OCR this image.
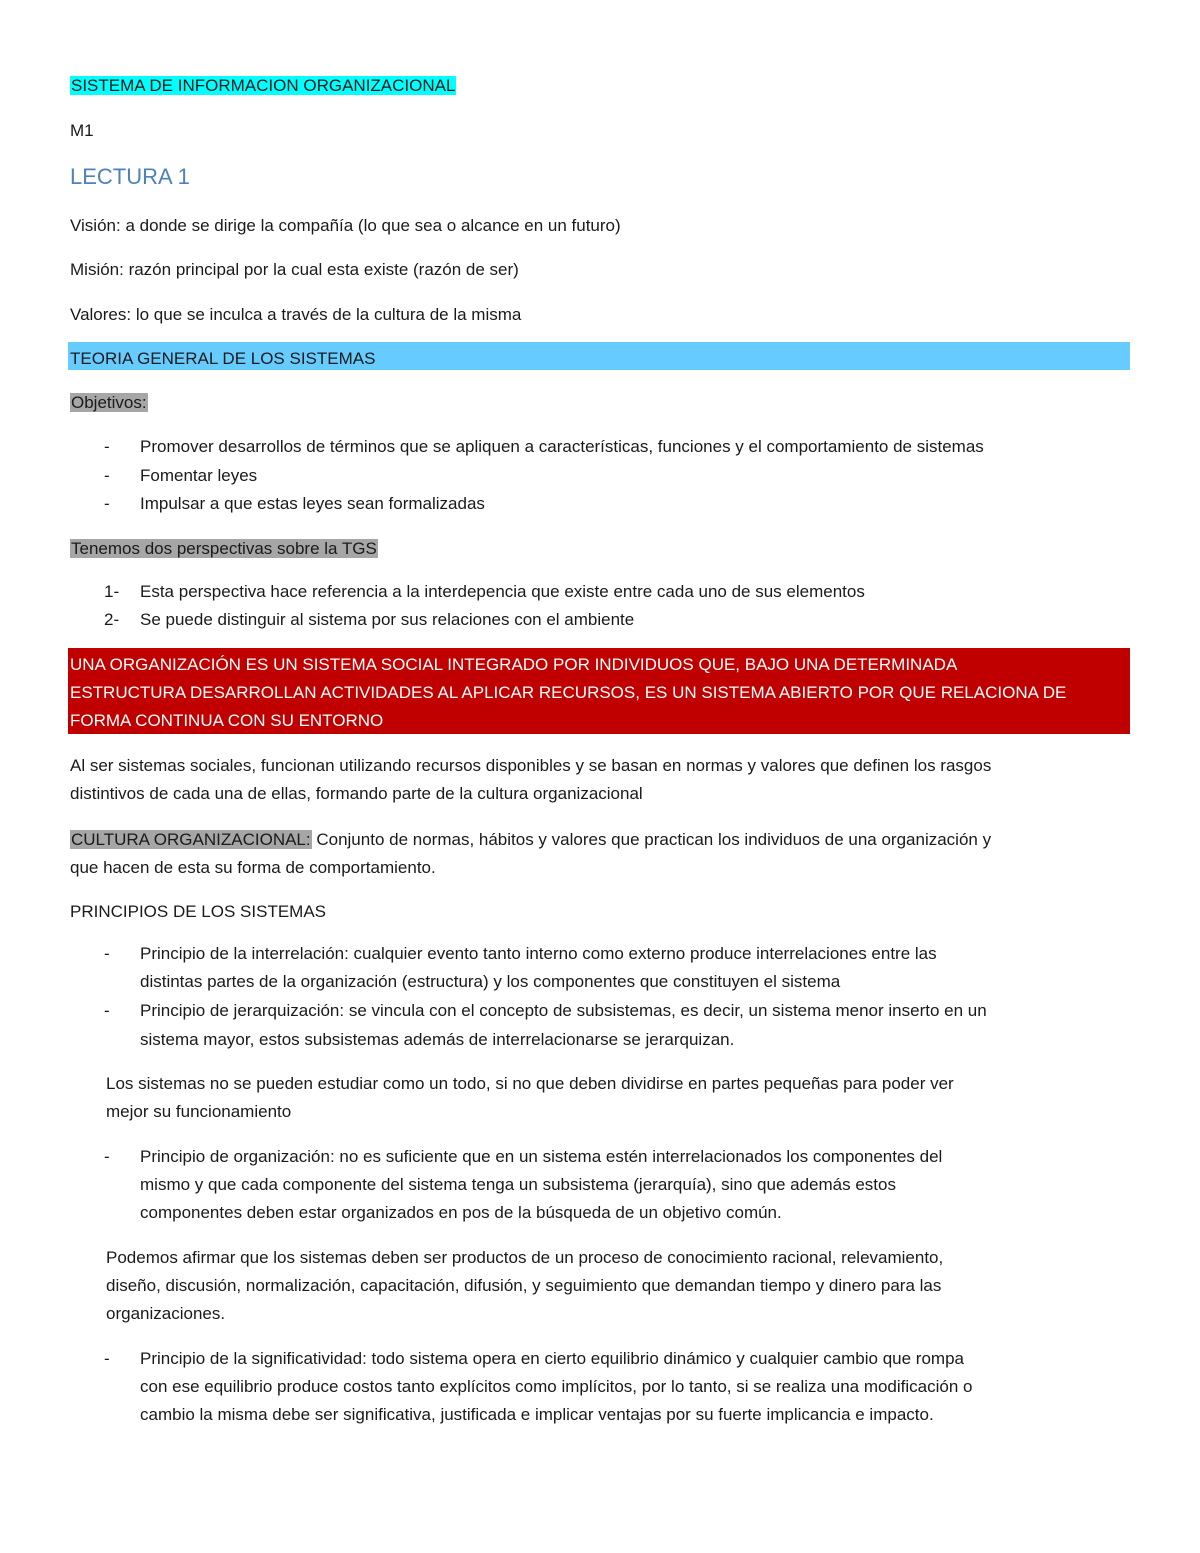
SISTEMA DE INFORMACION ORGANIZACIONAL
M1
LECTURA 1
Visión: a donde se dirige la compañía (lo que sea o alcance en un futuro)
Misión: razón principal por la cual esta existe (razón de ser)
Valores: lo que se inculca a través de la cultura de la misma
TEORIA GENERAL DE LOS SISTEMAS
Objetivos:
- Promover desarrollos de términos que se apliquen a características, funciones y el comportamiento de sistemas
- Fomentar leyes
- Impulsar a que estas leyes sean formalizadas
Tenemos dos perspectivas sobre la TGS
1- Esta perspectiva hace referencia a la interdepencia que existe entre cada uno de sus elementos
2- Se puede distinguir al sistema por sus relaciones con el ambiente
UNA ORGANIZACIÓN ES UN SISTEMA SOCIAL INTEGRADO POR INDIVIDUOS QUE, BAJO UNA DETERMINADA
ESTRUCTURA DESARROLLAN ACTIVIDADES AL APLICAR RECURSOS, ES UN SISTEMA ABIERTO POR QUE RELACIONA DE
FORMA CONTINUA CON SU ENTORNO
Al ser sistemas sociales, funcionan utilizando recursos disponibles y se basan en normas y valores que definen los rasgos
distintivos de cada una de ellas, formando parte de la cultura organizacional
CULTURA ORGANIZACIONAL: Conjunto de normas, hábitos y valores que practican los individuos de una organización y
que hacen de esta su forma de comportamiento.
PRINCIPIOS DE LOS SISTEMAS
- Principio de la interrelación: cualquier evento tanto interno como externo produce interrelaciones entre las
distintas partes de la organización (estructura) y los componentes que constituyen el sistema
- Principio de jerarquización: se vincula con el concepto de subsistemas, es decir, un sistema menor inserto en un
sistema mayor, estos subsistemas además de interrelacionarse se jerarquizan.
Los sistemas no se pueden estudiar como un todo, si no que deben dividirse en partes pequeñas para poder ver
mejor su funcionamiento
- Principio de organización: no es suficiente que en un sistema estén interrelacionados los componentes del
mismo y que cada componente del sistema tenga un subsistema (jerarquía), sino que además estos
componentes deben estar organizados en pos de la búsqueda de un objetivo común.
Podemos afirmar que los sistemas deben ser productos de un proceso de conocimiento racional, relevamiento,
diseño, discusión, normalización, capacitación, difusión, y seguimiento que demandan tiempo y dinero para las
organizaciones.
- Principio de la significatividad: todo sistema opera en cierto equilibrio dinámico y cualquier cambio que rompa
con ese equilibrio produce costos tanto explícitos como implícitos, por lo tanto, si se realiza una modificación o
cambio la misma debe ser significativa, justificada e implicar ventajas por su fuerte implicancia e impacto.
